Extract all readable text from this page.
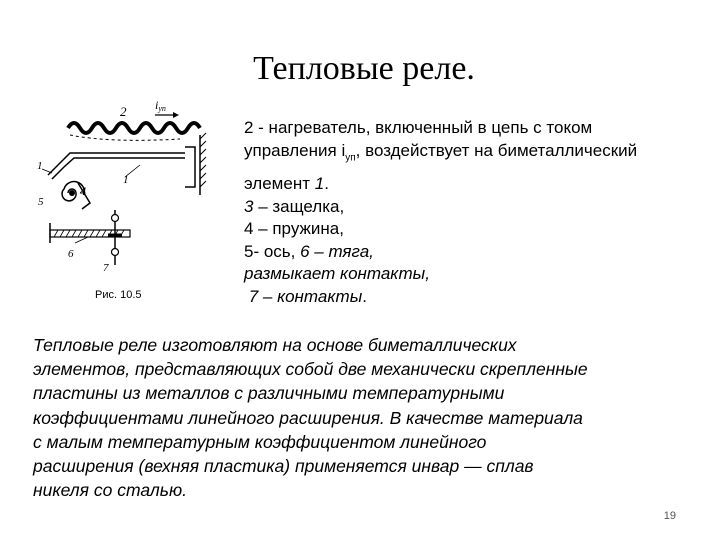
Тепловые реле.
2 iуп
1
1
4
5
6
7
Рис. 10.5
2 - нагреватель, включенный в цепь с током
управления $i_{уп}$, воздействует на биметаллический
элемент 1.
3 – защелка,
4 – пружина,
5- ось, 6 – тяга,
размыкает контакты,
7 – контакты.
Тепловые реле изготовляют на основе биметаллических
элементов, представляющих собой две механически скрепленные
пластины из металлов с различными температурными
коэффициентами линейного расширения. В качестве материала
с малым температурным коэффициентом линейного
расширения (вехняя пластика) применяется инвар — сплав
никеля со сталью.
19
